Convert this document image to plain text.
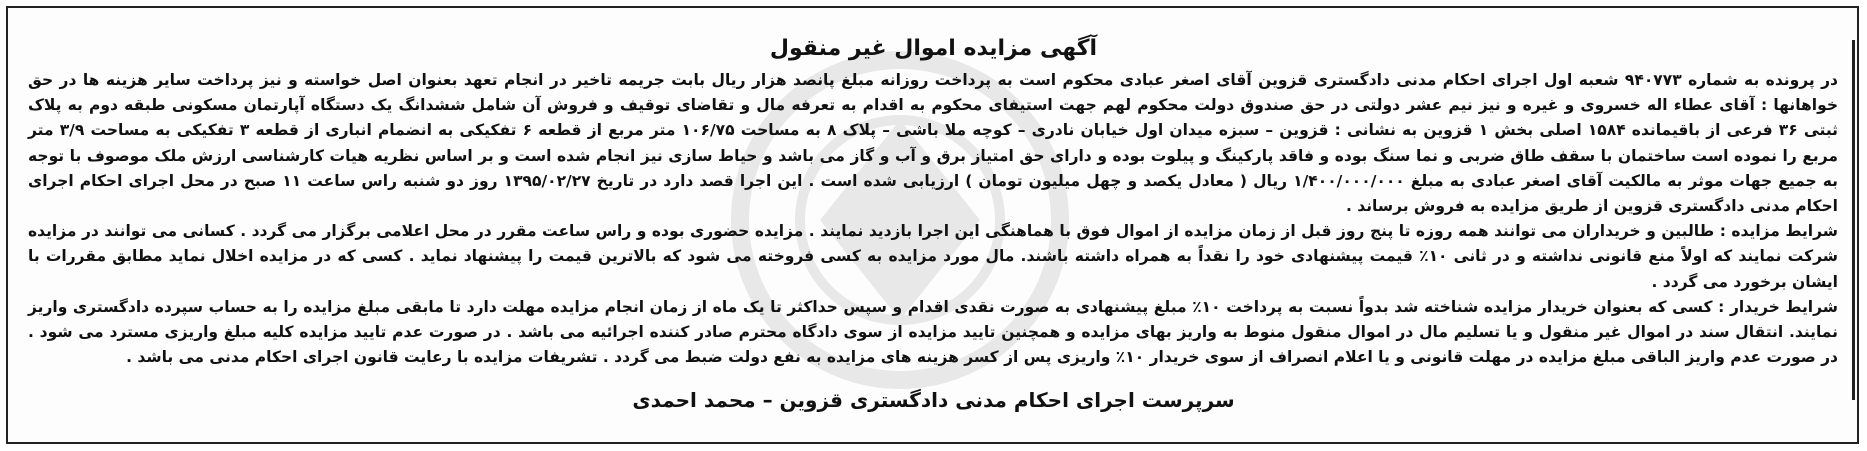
آگهی مزایده اموال غیر منقول

در پرونده به شماره ۹۴۰۷۷۳ شعبه اول اجرای احکام مدنی دادگستری قزوین آقای اصغر عبادی محکوم است به پرداخت روزانه مبلغ پانصد هزار ریال بابت جریمه تاخیر در انجام تعهد بعنوان اصل خواسته و نیز پرداخت سایر هزینه ها در حق خواهانها : آقای عطاء اله خسروی و غیره و نیز نیم عشر دولتی در حق صندوق دولت محکوم لهم جهت استیفای محکوم به اقدام به تعرفه مال و تقاضای توقیف و فروش آن شامل ششدانگ یک دستگاه آپارتمان مسکونی طبقه دوم به پلاک ثبتی ۳۶ فرعی از باقیمانده ۱۵۸۴ اصلی بخش ۱ قزوین به نشانی : قزوین – سبزه میدان اول خیابان نادری – کوچه ملا باشی – پلاک ۸ به مساحت ۱۰۶/۷۵ متر مربع از قطعه ۶ تفکیکی به انضمام انباری از قطعه ۳ تفکیکی به مساحت ۳/۹ متر مربع را نموده است ساختمان با سقف طاق ضربی و نما سنگ بوده و فاقد پارکینگ و پیلوت بوده و دارای حق امتیاز برق و آب و گاز می باشد و حیاط سازی نیز انجام شده است و بر اساس نظریه هیات کارشناسی ارزش ملک موصوف با توجه به جمیع جهات موثر به مالکیت آقای اصغر عبادی به مبلغ ۱/۴۰۰/۰۰۰/۰۰۰ ریال ( معادل یکصد و چهل میلیون تومان ) ارزیابی شده است . این اجرا قصد دارد در تاریخ ۱۳۹۵/۰۲/۲۷ روز دو شنبه راس ساعت ۱۱ صبح در محل اجرای احکام اجرای احکام مدنی دادگستری قزوین از طریق مزایده به فروش برساند .

شرایط مزایده : طالبین و خریداران می توانند همه روزه تا پنج روز قبل از زمان مزایده از اموال فوق با هماهنگی این اجرا بازدید نمایند . مزایده حضوری بوده و راس ساعت مقرر در محل اعلامی برگزار می گردد . کسانی می توانند در مزایده شرکت نمایند که اولاً منع قانونی نداشته و در ثانی ۱۰٪ قیمت پیشنهادی خود را نقداً به همراه داشته باشند. مال مورد مزایده به کسی فروخته می شود که بالاترین قیمت را پیشنهاد نماید . کسی که در مزایده اخلال نماید مطابق مقررات با ایشان برخورد می گردد .

شرایط خریدار : کسی که بعنوان خریدار مزایده شناخته شد بدواً نسبت به پرداخت ۱۰٪ مبلغ پیشنهادی به صورت نقدی اقدام و سپس حداکثر تا یک ماه از زمان انجام مزایده مهلت دارد تا مابقی مبلغ مزایده را به حساب سپرده دادگستری واریز نمایند. انتقال سند در اموال غیر منقول و یا تسلیم مال در اموال منقول منوط به واریز بهای مزایده و همچنین تایید مزایده از سوی دادگاه محترم صادر کننده اجرائیه می باشد . در صورت عدم تایید مزایده کلیه مبلغ واریزی مسترد می شود . در صورت عدم واریز الباقی مبلغ مزایده در مهلت قانونی و یا اعلام انصراف از سوی خریدار ۱۰٪ واریزی پس از کسر هزینه های مزایده به نفع دولت ضبط می گردد . تشریفات مزایده با رعایت قانون اجرای احکام مدنی می باشد .

سرپرست اجرای احکام مدنی دادگستری قزوین – محمد احمدی
